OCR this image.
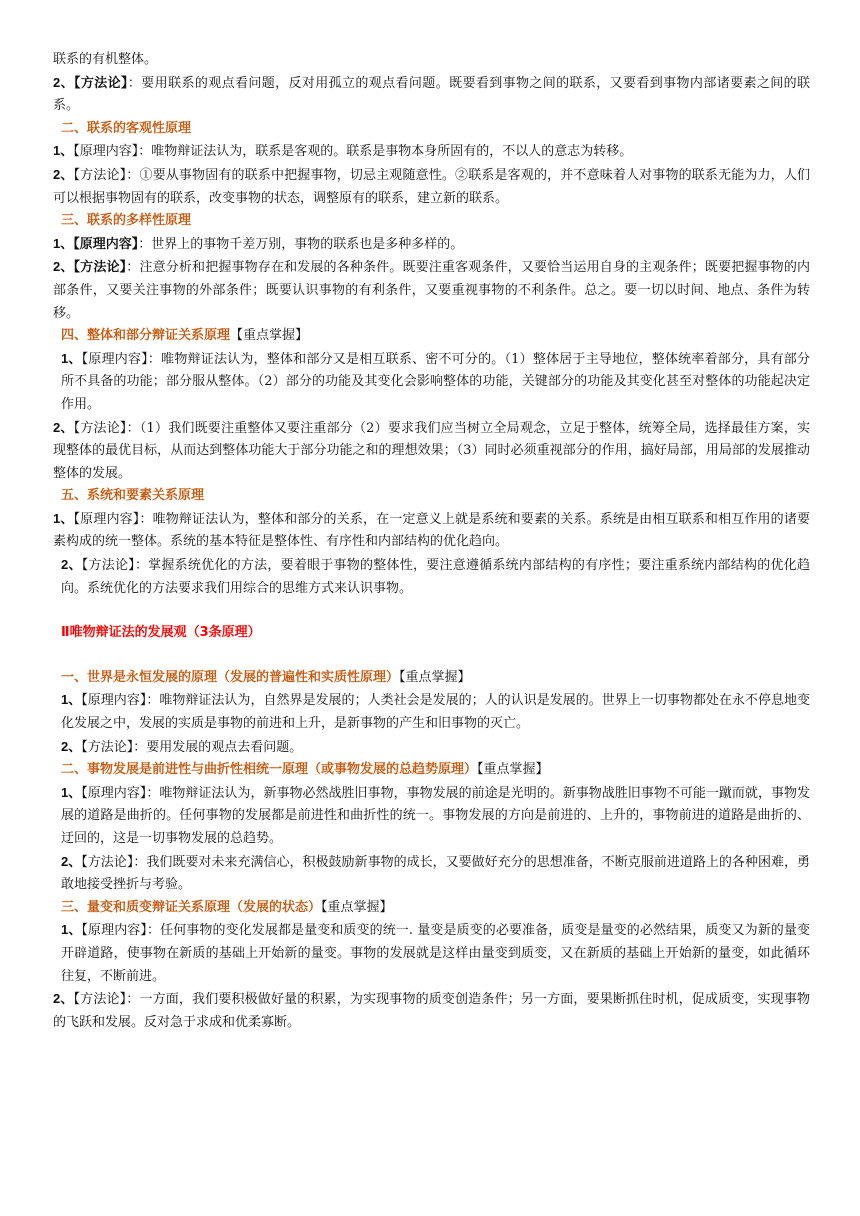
联系的有机整体。

2、【方法论】：要用联系的观点看问题，反对用孤立的观点看问题。既要看到事物之间的联系，又要看到事物内部诸要素之间的联系。

二、联系的客观性原理

1、【原理内容】：唯物辩证法认为，联系是客观的。联系是事物本身所固有的，不以人的意志为转移。

2、【方法论】：①要从事物固有的联系中把握事物，切忌主观随意性。②联系是客观的，并不意味着人对事物的联系无能为力，人们可以根据事物固有的联系，改变事物的状态，调整原有的联系，建立新的联系。

三、联系的多样性原理

1、【原理内容】：世界上的事物千差万别，事物的联系也是多种多样的。

2、【方法论】：注意分析和把握事物存在和发展的各种条件。既要注重客观条件，又要恰当运用自身的主观条件；既要把握事物的内部条件，又要关注事物的外部条件；既要认识事物的有利条件，又要重视事物的不利条件。总之。要一切以时间、地点、条件为转移。

四、整体和部分辩证关系原理【重点掌握】

1、【原理内容】：唯物辩证法认为，整体和部分又是相互联系、密不可分的。（1）整体居于主导地位，整体统率着部分，具有部分所不具备的功能；部分服从整体。（2）部分的功能及其变化会影响整体的功能，关键部分的功能及其变化甚至对整体的功能起决定作用。

2、【方法论】：（1）我们既要注重整体又要注重部分（2）要求我们应当树立全局观念，立足于整体，统筹全局，选择最佳方案，实现整体的最优目标，从而达到整体功能大于部分功能之和的理想效果；（3）同时必须重视部分的作用，搞好局部，用局部的发展推动整体的发展。

五、系统和要素关系原理

1、【原理内容】：唯物辩证法认为，整体和部分的关系，在一定意义上就是系统和要素的关系。系统是由相互联系和相互作用的诸要素构成的统一整体。系统的基本特征是整体性、有序性和内部结构的优化趋向。

2、【方法论】：掌握系统优化的方法，要着眼于事物的整体性，要注意遵循系统内部结构的有序性；要注重系统内部结构的优化趋向。系统优化的方法要求我们用综合的思维方式来认识事物。

Ⅱ唯物辩证法的发展观（3条原理）
一、世界是永恒发展的原理（发展的普遍性和实质性原理）【重点掌握】

1、【原理内容】：唯物辩证法认为，自然界是发展的；人类社会是发展的；人的认识是发展的。世界上一切事物都处在永不停息地变化发展之中，发展的实质是事物的前进和上升，是新事物的产生和旧事物的灭亡。

2、【方法论】：要用发展的观点去看问题。

二、事物发展是前进性与曲折性相统一原理（或事物发展的总趋势原理）【重点掌握】

1、【原理内容】：唯物辩证法认为，新事物必然战胜旧事物，事物发展的前途是光明的。新事物战胜旧事物不可能一蹴而就，事物发展的道路是曲折的。任何事物的发展都是前进性和曲折性的统一。事物发展的方向是前进的、上升的，事物前进的道路是曲折的、迂回的，这是一切事物发展的总趋势。

2、【方法论】：我们既要对未来充满信心，积极鼓励新事物的成长，又要做好充分的思想准备，不断克服前进道路上的各种困难，勇敢地接受挫折与考验。

三、量变和质变辩证关系原理（发展的状态）【重点掌握】

1、【原理内容】：任何事物的变化发展都是量变和质变的统一. 量变是质变的必要准备，质变是量变的必然结果，质变又为新的量变开辟道路，使事物在新质的基础上开始新的量变。事物的发展就是这样由量变到质变，又在新质的基础上开始新的量变，如此循环往复，不断前进。

2、【方法论】：一方面，我们要积极做好量的积累，为实现事物的质变创造条件；另一方面，要果断抓住时机，促成质变，实现事物的飞跃和发展。反对急于求成和优柔寡断。
